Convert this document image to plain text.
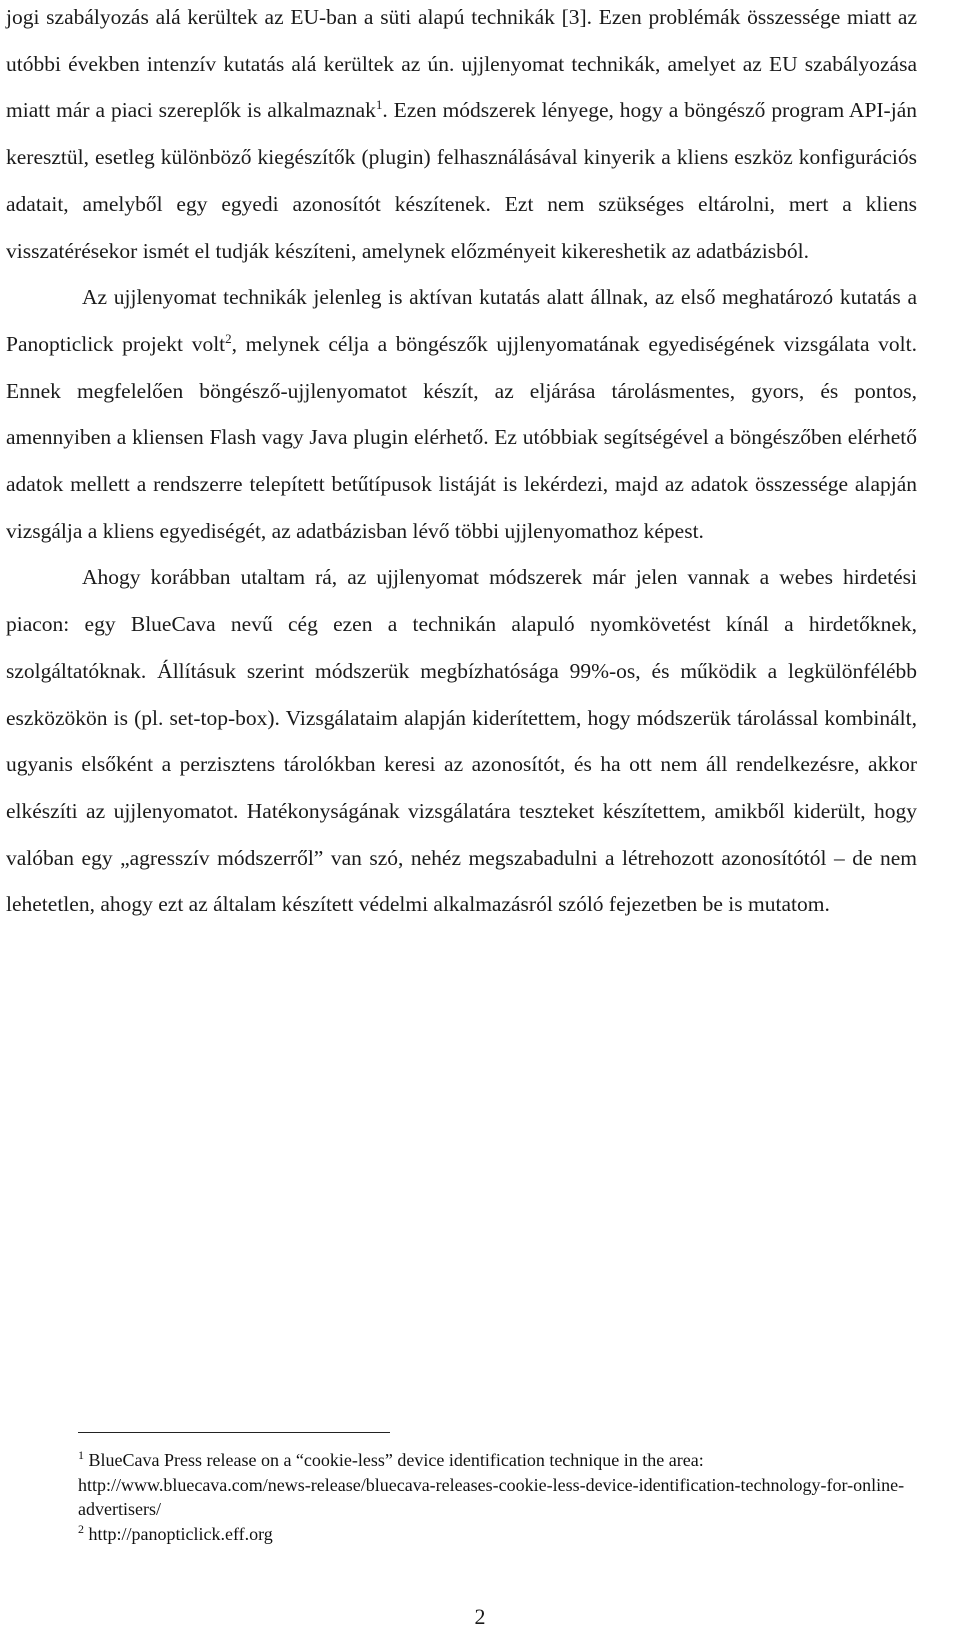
jogi szabályozás alá kerültek az EU-ban a süti alapú technikák [3]. Ezen problémák összessége miatt az utóbbi években intenzív kutatás alá kerültek az ún. ujjlenyomat technikák, amelyet az EU szabályozása miatt már a piaci szereplők is alkalmaznak$^1$. Ezen módszerek lényege, hogy a böngésző program API-ján keresztül, esetleg különböző kiegészítők (plugin) felhasználásával kinyerik a kliens eszköz konfigurációs adatait, amelyből egy egyedi azonosítót készítenek. Ezt nem szükséges eltárolni, mert a kliens visszatérésekor ismét el tudják készíteni, amelynek előzményeit kikereshetik az adatbázisból.

Az ujjlenyomat technikák jelenleg is aktívan kutatás alatt állnak, az első meghatározó kutatás a Panopticlick projekt volt$^2$, melynek célja a böngészők ujjlenyomatának egyediségének vizsgálata volt. Ennek megfelelően böngésző-ujjlenyomatot készít, az eljárása tárolásmentes, gyors, és pontos, amennyiben a kliensen Flash vagy Java plugin elérhető. Ez utóbbiak segítségével a böngészőben elérhető adatok mellett a rendszerre telepített betűtípusok listáját is lekérdezi, majd az adatok összessége alapján vizsgálja a kliens egyediségét, az adatbázisban lévő többi ujjlenyomathoz képest.

Ahogy korábban utaltam rá, az ujjlenyomat módszerek már jelen vannak a webes hirdetési piacon: egy BlueCava nevű cég ezen a technikán alapuló nyomkövetést kínál a hirdetőknek, szolgáltatóknak. Állításuk szerint módszerük megbízhatósága 99%-os, és működik a legkülönfélébb eszközökön is (pl. set-top-box). Vizsgálataim alapján kiderítettem, hogy módszerük tárolással kombinált, ugyanis elsőként a perzisztens tárolókban keresi az azonosítót, és ha ott nem áll rendelkezésre, akkor elkészíti az ujjlenyomatot. Hatékonyságának vizsgálatára teszteket készítettem, amikből kiderült, hogy valóban egy „agresszív módszerről” van szó, nehéz megszabadulni a létrehozott azonosítótól – de nem lehetetlen, ahogy ezt az általam készített védelmi alkalmazásról szóló fejezetben be is mutatom.

$^1$ BlueCava Press release on a “cookie-less” device identification technique in the area:
http://www.bluecava.com/news-release/bluecava-releases-cookie-less-device-identification-technology-for-online-advertisers/

$^2$ http://panopticlick.eff.org

2
